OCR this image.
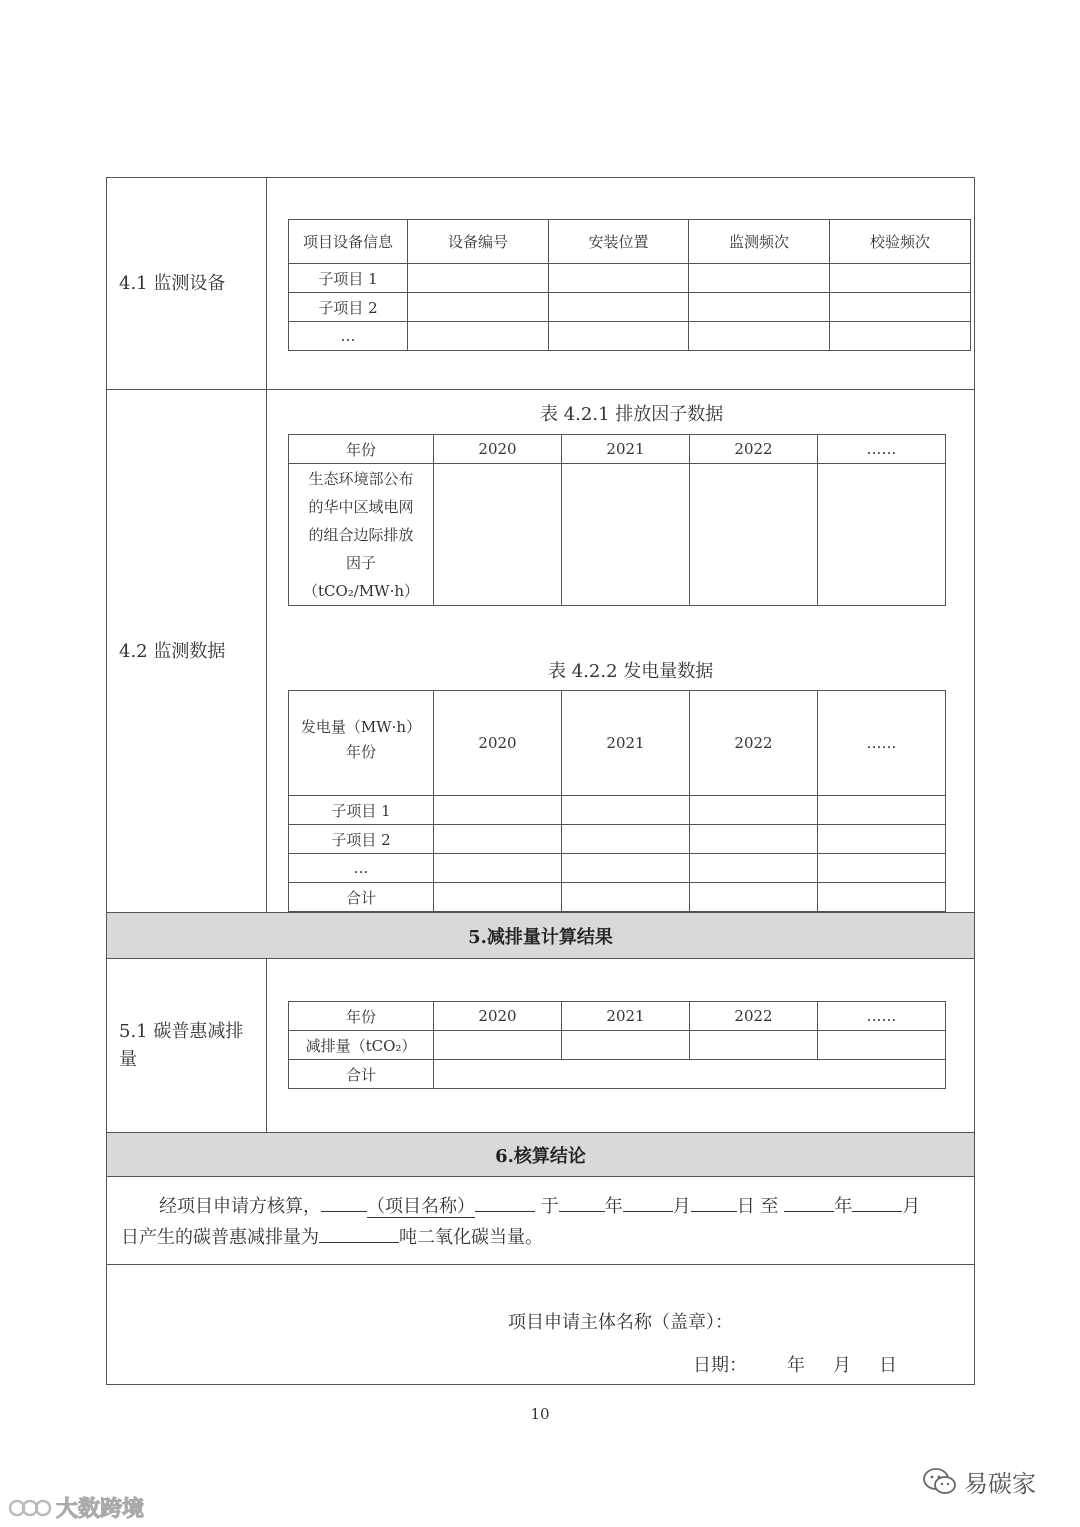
4.1 监测设备
项目设备信息	设备编号	安装位置	监测频次	校验频次
子项目 1				
子项目 2				
…				
4.2 监测数据
表 4.2.1 排放因子数据
年份	2020	2021	2022	……

生态环境部公布
的华中区域电网
的组合边际排放
因子
（tCO₂/MW·h）				

表 4.2.2 发电量数据
发电量（MW·h）
年份	2020	2021	2022	……
子项目 1				
子项目 2				
…				
合计				
5.减排量计算结果
5.1 碳普惠减排
量
年份	2020	2021	2022	……
减排量（tCO₂）				
合计				
6.核算结论
经项目申请方核算，	（项目名称）	于	年	月	日 至	年	月
日产生的碳普惠减排量为	吨二氧化碳当量。
项目申请主体名称（盖章）：
日期： 年 月 日
10
易碳家
大数跨境
